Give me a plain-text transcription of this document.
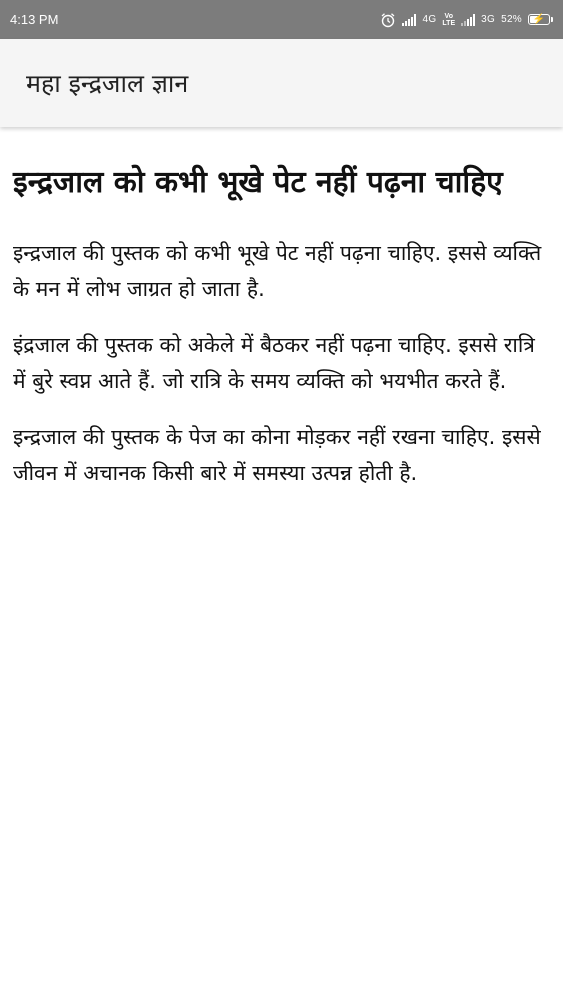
4:13 PM	4G	Vo
LTE	3G 52% ⚡
महा इन्द्रजाल ज्ञान
इन्द्रजाल को कभी भूखे पेट नहीं पढ़ना चाहिए

इन्द्रजाल की पुस्तक को कभी भूखे पेट नहीं पढ़ना चाहिए. इससे व्यक्ति के मन में लोभ जाग्रत हो जाता है.

इंद्रजाल की पुस्तक को अकेले में बैठकर नहीं पढ़ना चाहिए. इससे रात्रि में बुरे स्वप्न आते हैं. जो रात्रि के समय व्यक्ति को भयभीत करते हैं.

इन्द्रजाल की पुस्तक के पेज का कोना मोड़कर नहीं रखना चाहिए. इससे जीवन में अचानक किसी बारे में समस्या उत्पन्न होती है.
